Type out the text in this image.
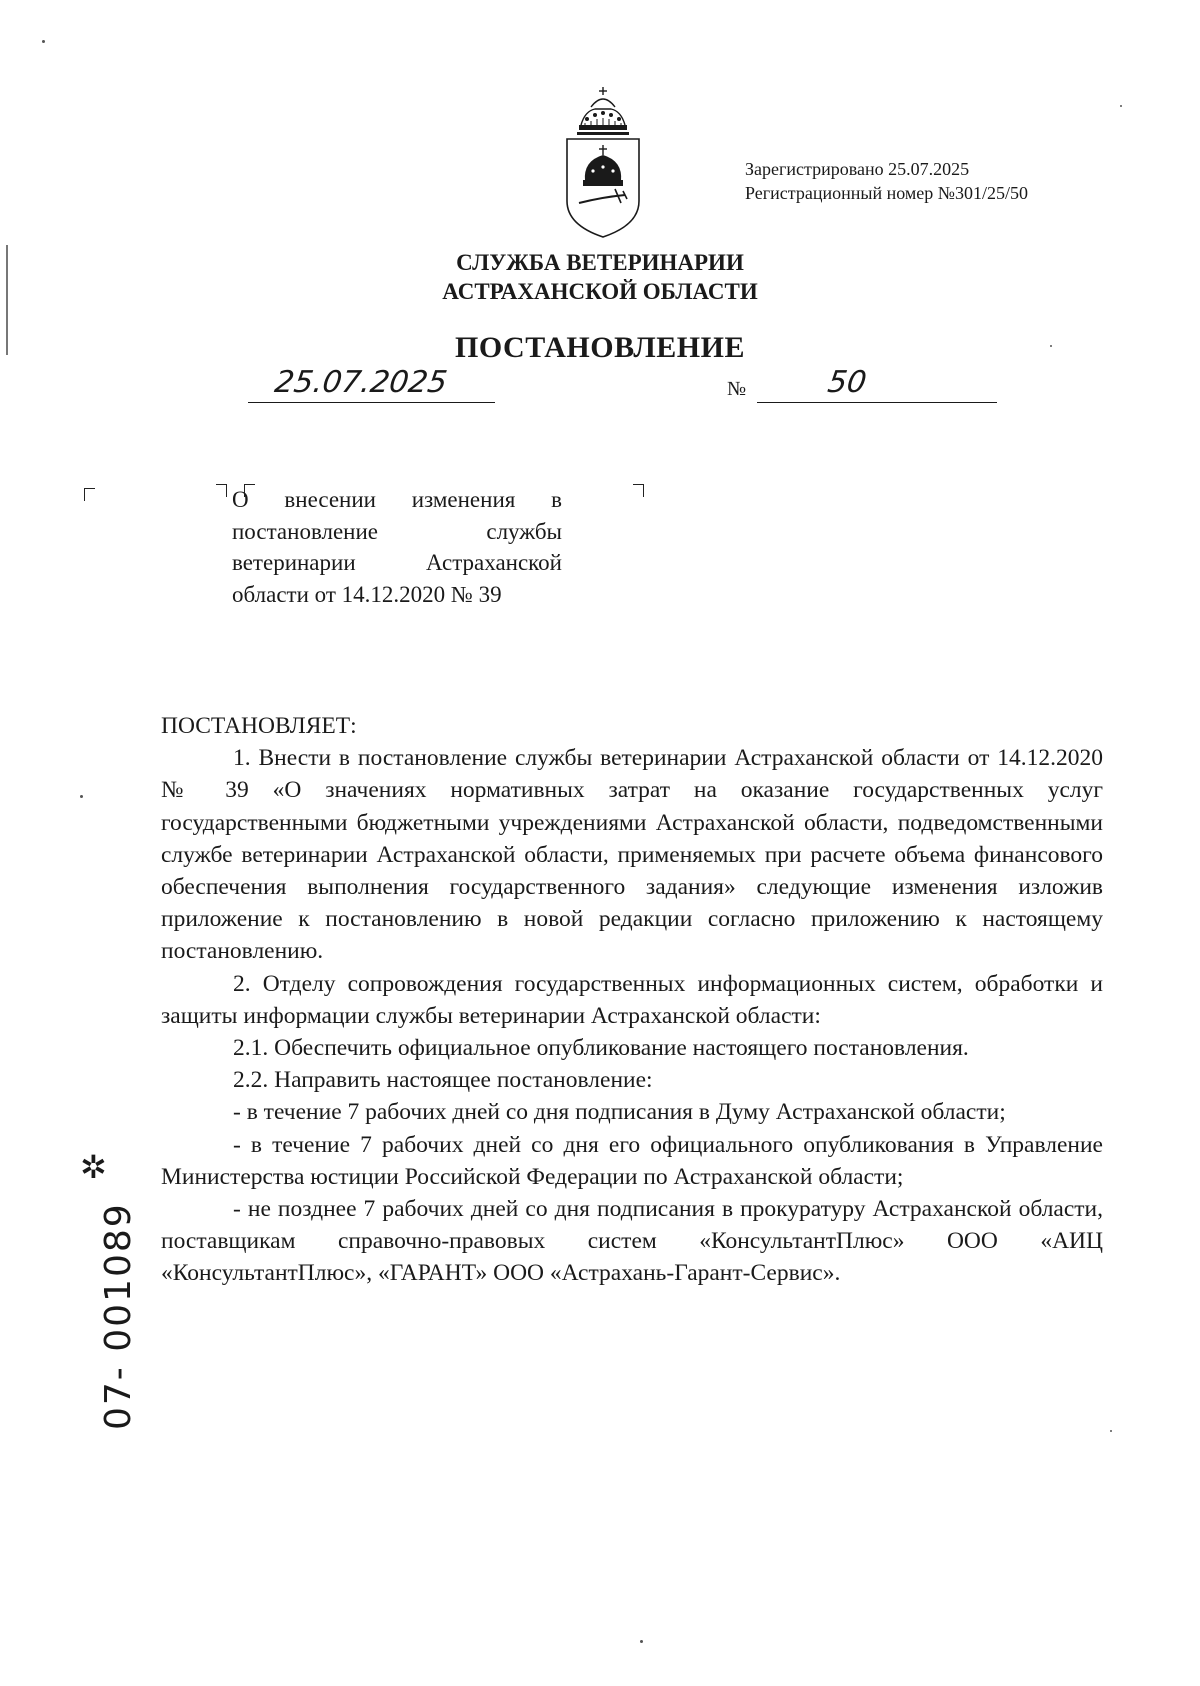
Зарегистрировано 25.07.2025
Регистрационный номер №301/25/50
СЛУЖБА ВЕТЕРИНАРИИ
АСТРАХАНСКОЙ ОБЛАСТИ
ПОСТАНОВЛЕНИЕ
25.07.2025	№	50
О внесении изменения в постановление службы ветеринарии Астраханской области от 14.12.2020 № 39

ПОСТАНОВЛЯЕТ:

1. Внести в постановление службы ветеринарии Астраханской области от 14.12.2020 № 39 «О значениях нормативных затрат на оказание государственных услуг государственными бюджетными учреждениями Астраханской области, подведомственными службе ветеринарии Астраханской области, применяемых при расчете объема финансового обеспечения выполнения государственного задания» следующие изменения изложив приложение к постановлению в новой редакции согласно приложению к настоящему постановлению.

2. Отделу сопровождения государственных информационных систем, обработки и защиты информации службы ветеринарии Астраханской области:

2.1. Обеспечить официальное опубликование настоящего постановления.

2.2. Направить настоящее постановление:

- в течение 7 рабочих дней со дня подписания в Думу Астраханской области;

- в течение 7 рабочих дней со дня его официального опубликования в Управление Министерства юстиции Российской Федерации по Астраханской области;

- не позднее 7 рабочих дней со дня подписания в прокуратуру Астраханской области, поставщикам справочно-правовых систем «КонсультантПлюс» ООО «АИЦ «КонсультантПлюс», «ГАРАНТ» ООО «Астрахань-Гарант-Сервис».

✲
07- 001089
